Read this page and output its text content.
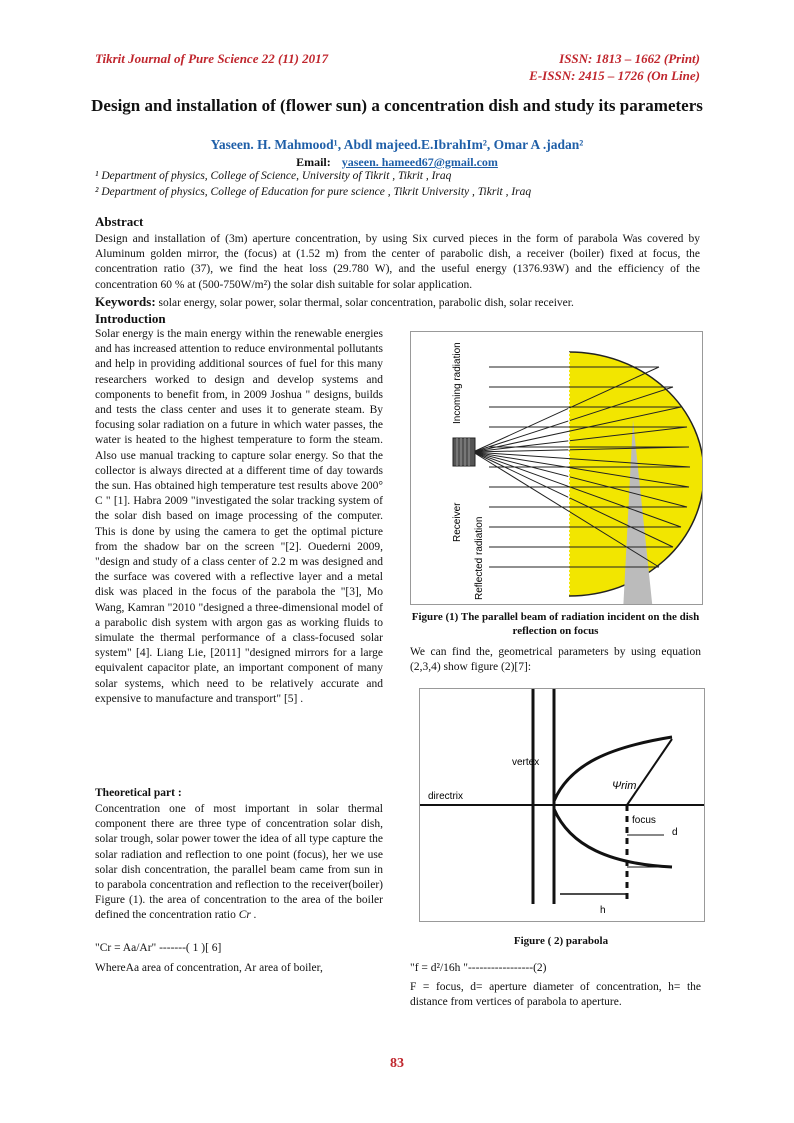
Tikrit Journal of Pure Science 22 (11) 2017	ISSN: 1813 – 1662 (Print)
E-ISSN: 2415 – 1726 (On Line)
Design and installation of (flower sun) a concentration dish and study its parameters
Yaseen. H. Mahmood¹, Abdl majeed.E.IbrahIm², Omar A .jadan²
Email: yaseen. hameed67@gmail.com
¹ Department of physics, College of Science, University of Tikrit , Tikrit , Iraq
² Department of physics, College of Education for pure science , Tikrit University , Tikrit , Iraq
Abstract
Design and installation of (3m) aperture concentration, by using Six curved pieces in the form of parabola Was covered by Aluminum golden mirror, the (focus) at (1.52 m) from the center of parabolic dish, a receiver (boiler) fixed at focus, the concentration ratio (37), we find the heat loss (29.780 W), and the useful energy (1376.93W) and the efficiency of the concentration 60 % at (500-750W/m²) the solar dish suitable for solar application.
Keywords: solar energy, solar power, solar thermal, solar concentration, parabolic dish, solar receiver.
Introduction
Solar energy is the main energy within the renewable energies and has increased attention to reduce environmental pollutants and help in providing additional sources of fuel for this many researchers worked to design and develop systems and components to benefit from, in 2009 Joshua " designs, builds and tests the class center and uses it to generate steam. By focusing solar radiation on a future in which water passes, the water is heated to the highest temperature to form the steam. Also use manual tracking to capture solar energy. So that the collector is always directed at a different time of day towards the sun. Has obtained high temperature test results above 200° C " [1]. Habra 2009 "investigated the solar tracking system of the solar dish based on image processing of the computer. This is done by using the camera to get the optimal picture from the shadow bar on the screen "[2]. Ouederni 2009, "design and study of a class center of 2.2 m was designed and the surface was covered with a reflective layer and a metal disk was placed in the focus of the parabola the "[3], Mo Wang, Kamran "2010 "designed a three-dimensional model of a parabolic dish system with argon gas as working fluids to simulate the thermal performance of a class-focused solar system" [4]. Liang Lie, [2011] "designed mirrors for a large equivalent capacitor plate, an important component of many solar systems, which need to be relatively accurate and expensive to manufacture and transport" [5] .
Theoretical part :
Concentration one of most important in solar thermal component there are three type of concentration solar dish, solar trough, solar power tower the idea of all type capture the solar radiation and reflection to one point (focus), her we use solar dish concentration, the parallel beam came from sun in to parabola concentration and reflection to the receiver(boiler) Figure (1). the area of concentration to the area of the boiler defined the concentration ratio Cr .
"Cr = Aa/Ar" -------( 1 )[ 6]
WhereAa area of concentration, Ar area of boiler,
Incoming radiation
Receiver Reflected radiation
Figure (1) The parallel beam of radiation incident on the dish reflection on focus
We can find the, geometrical parameters by using equation (2,3,4) show figure (2)[7]:
vertex
directrix
focus
Ψrim
d
h
Figure ( 2) parabola
"f = d²/16h "-----------------(2)
F = focus, d= aperture diameter of concentration, h= the distance from vertices of parabola to aperture.
83
